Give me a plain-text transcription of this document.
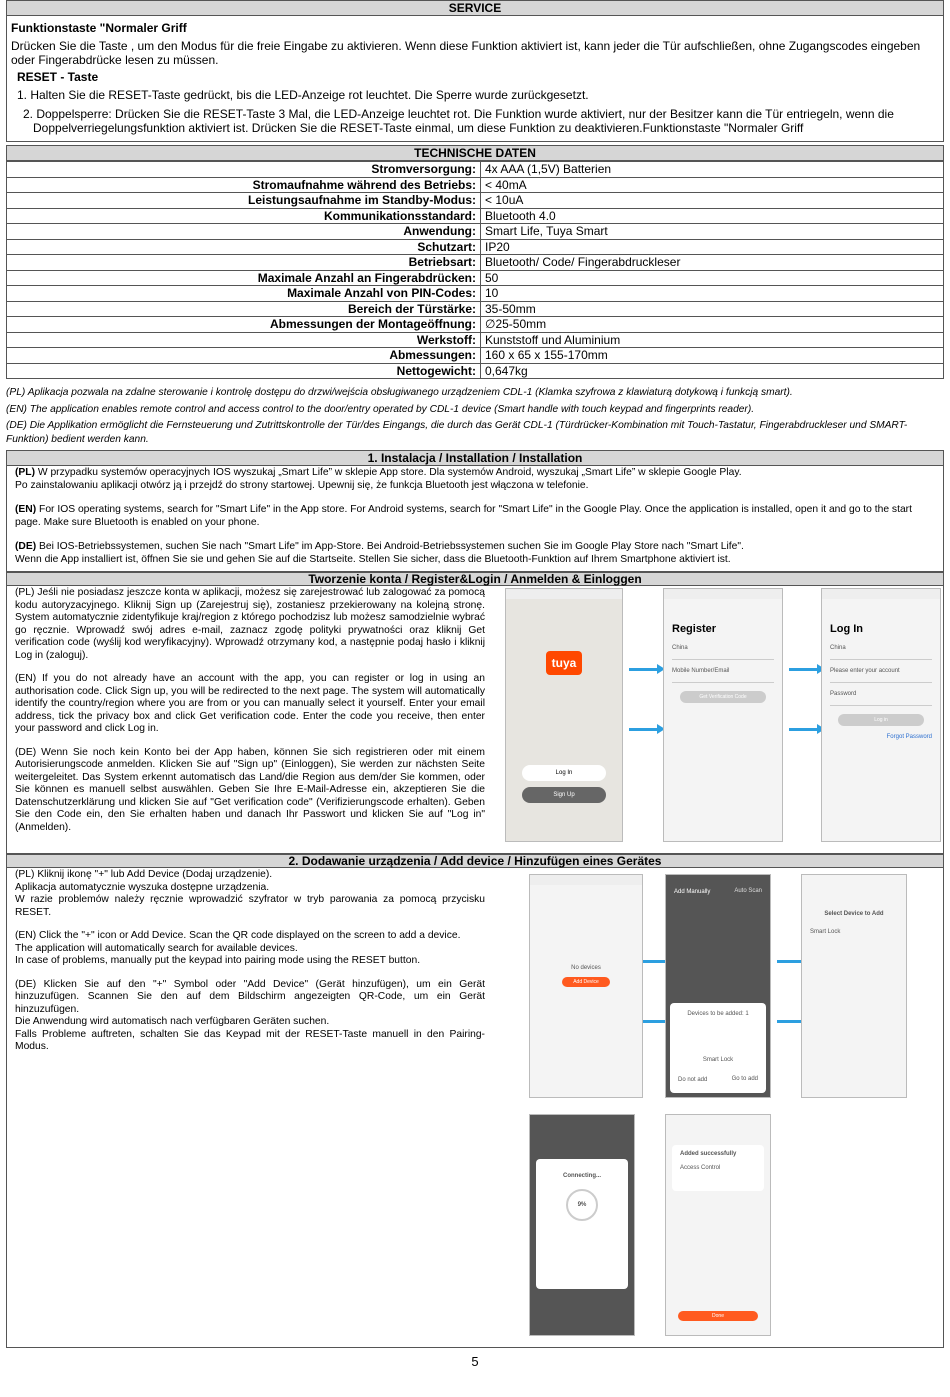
SERVICE

Funktionstaste "Normaler Griff

Drücken Sie die Taste , um den Modus für die freie Eingabe zu aktivieren. Wenn diese Funktion aktiviert ist, kann jeder die Tür aufschließen, ohne Zugangscodes eingeben oder Fingerabdrücke lesen zu müssen.

RESET - Taste

1. Halten Sie die RESET-Taste gedrückt, bis die LED-Anzeige rot leuchtet. Die Sperre wurde zurückgesetzt.

2. Doppelsperre: Drücken Sie die RESET-Taste 3 Mal, die LED-Anzeige leuchtet rot. Die Funktion wurde aktiviert, nur der Besitzer kann die Tür entriegeln, wenn die Doppelverriegelungsfunktion aktiviert ist. Drücken Sie die RESET-Taste einmal, um diese Funktion zu deaktivieren.Funktionstaste "Normaler Griff

TECHNISCHE DATEN
Stromversorgung:	4x AAA (1,5V) Batterien
Stromaufnahme während des Betriebs:	< 40mA
Leistungsaufnahme im Standby-Modus:	< 10uA
Kommunikationsstandard:	Bluetooth 4.0
Anwendung:	Smart Life, Tuya Smart
Schutzart:	IP20
Betriebsart:	Bluetooth/ Code/ Fingerabdruckleser
Maximale Anzahl an Fingerabdrücken:	50
Maximale Anzahl von PIN-Codes:	10
Bereich der Türstärke:	35-50mm
Abmessungen der Montageöffnung:	∅25-50mm
Werkstoff:	Kunststoff und Aluminium
Abmessungen:	160 x 65 x 155-170mm
Nettogewicht:	0,647kg

(PL) Aplikacja pozwala na zdalne sterowanie i kontrolę dostępu do drzwi/wejścia obsługiwanego urządzeniem CDL-1 (Klamka szyfrowa z klawiaturą dotykową i funkcją smart).

(EN) The application enables remote control and access control to the door/entry operated by CDL-1 device (Smart handle with touch keypad and fingerprints reader).

(DE) Die Applikation ermöglicht die Fernsteuerung und Zutrittskontrolle der Tür/des Eingangs, die durch das Gerät CDL-1 (Türdrücker-Kombination mit Touch-Tastatur, Fingerabdruckleser und SMART-Funktion) bedient werden kann.

1. Instalacja / Installation / Installation

(PL) W przypadku systemów operacyjnych IOS wyszukaj „Smart Life” w sklepie App store. Dla systemów Android, wyszukaj „Smart Life” w sklepie Google Play.

Po zainstalowaniu aplikacji otwórz ją i przejdź do strony startowej. Upewnij się, że funkcja Bluetooth jest włączona w telefonie.

(EN) For IOS operating systems, search for "Smart Life" in the App store. For Android systems, search for "Smart Life" in the Google Play. Once the application is installed, open it and go to the start page. Make sure Bluetooth is enabled on your phone.

(DE) Bei IOS-Betriebssystemen, suchen Sie nach "Smart Life" im App-Store. Bei Android-Betriebssystemen suchen Sie im Google Play Store nach "Smart Life".

Wenn die App installiert ist, öffnen Sie sie und gehen Sie auf die Startseite. Stellen Sie sicher, dass die Bluetooth-Funktion auf Ihrem Smartphone aktiviert ist.

Tworzenie konta / Register&Login / Anmelden & Einloggen

(PL) Jeśli nie posiadasz jeszcze konta w aplikacji, możesz się zarejestrować lub zalogować za pomocą kodu autoryzacyjnego. Kliknij Sign up (Zarejestruj się), zostaniesz przekierowany na kolejną stronę. System automatycznie zidentyfikuje kraj/region z którego pochodzisz lub możesz samodzielnie wybrać go ręcznie. Wprowadź swój adres e-mail, zaznacz zgodę polityki prywatności oraz kliknij Get verification code (wyślij kod weryfikacyjny). Wprowadź otrzymany kod, a następnie podaj hasło i kliknij Log in (zaloguj).

(EN) If you do not already have an account with the app, you can register or log in using an authorisation code. Click Sign up, you will be redirected to the next page. The system will automatically identify the country/region where you are from or you can manually select it yourself. Enter your email address, tick the privacy box and click Get verification code. Enter the code you receive, then enter your password and click Log in.

(DE) Wenn Sie noch kein Konto bei der App haben, können Sie sich registrieren oder mit einem Autorisierungscode anmelden. Klicken Sie auf "Sign up" (Einloggen), Sie werden zur nächsten Seite weitergeleitet. Das System erkennt automatisch das Land/die Region aus dem/der Sie kommen, oder Sie können es manuell selbst auswählen. Geben Sie Ihre E-Mail-Adresse ein, akzeptieren Sie die Datenschutzerklärung und klicken Sie auf "Get verification code" (Verifizierungscode erhalten). Geben Sie den Code ein, den Sie erhalten haben und danach Ihr Passwort und klicken Sie auf "Log in" (Anmelden).

tuya
Log In
Sign Up
Register
China
Mobile Number/Email
Get Verification Code
Log In
China
Please enter your account
Password
Log in
Forgot Password
2. Dodawanie urządzenia / Add device / Hinzufügen eines Gerätes

(PL) Kliknij ikonę "+" lub Add Device (Dodaj urządzenie).

Aplikacja automatycznie wyszuka dostępne urządzenia.

W razie problemów należy ręcznie wprowadzić szyfrator w tryb parowania za pomocą przycisku RESET.

(EN) Click the "+" icon or Add Device. Scan the QR code displayed on the screen to add a device.

The application will automatically search for available devices.

In case of problems, manually put the keypad into pairing mode using the RESET button.

(DE) Klicken Sie auf den "+" Symbol oder "Add Device" (Gerät hinzufügen), um ein Gerät hinzuzufügen. Scannen Sie den auf dem Bildschirm angezeigten QR-Code, um ein Gerät hinzuzufügen.

Die Anwendung wird automatisch nach verfügbaren Geräten suchen.

Falls Probleme auftreten, schalten Sie das Keypad mit der RESET-Taste manuell in den Pairing-Modus.

No devices
Add Device
Add Manually	Auto Scan
Devices to be added: 1
Smart Lock
Do not add	Go to add
Select Device to Add
Smart Lock
Connecting...
9%
Added successfully
Access Control
Done
5
